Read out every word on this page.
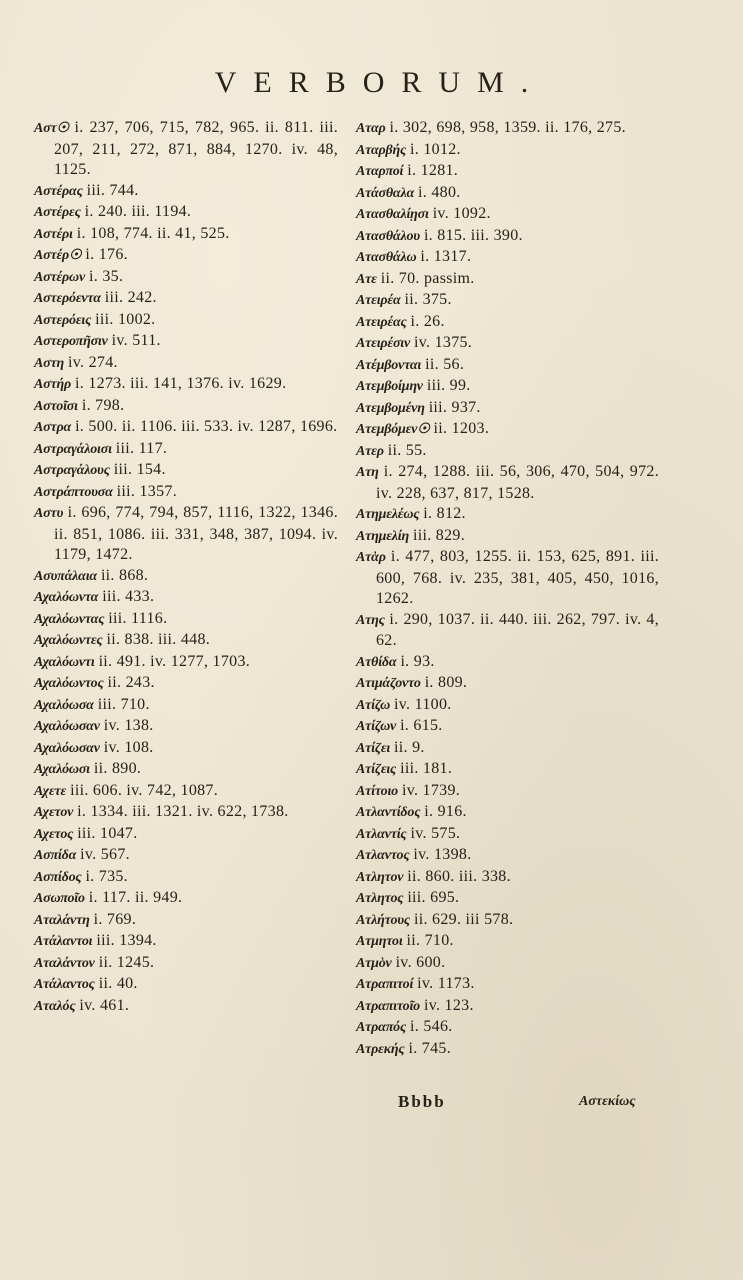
VERBORUM.
Αστ☉ i. 237, 706, 715, 782, 965. ii. 811. iii. 207, 211, 272, 871, 884, 1270. iv. 48, 1125.
Αστέρας iii. 744.
Αστέρες i. 240. iii. 1194.
Αστέρι i. 108, 774. ii. 41, 525.
Αστέρ☉ i. 176.
Αστέρων i. 35.
Αστερόεντα iii. 242.
Αστερόεις iii. 1002.
Αστεροπῆσιν iv. 511.
Αστη iv. 274.
Αστήρ i. 1273. iii. 141, 1376. iv. 1629.
Αστοῖσι i. 798.
Αστρα i. 500. ii. 1106. iii. 533. iv. 1287, 1696.
Αστραγάλοισι iii. 117.
Αστραγάλους iii. 154.
Αστράπτουσα iii. 1357.
Αστυ i. 696, 774, 794, 857, 1116, 1322, 1346. ii. 851, 1086. iii. 331, 348, 387, 1094. iv. 1179, 1472.
Ασυπάλαια ii. 868.
Αχαλόωντα iii. 433.
Αχαλόωντας iii. 1116.
Αχαλόωντες ii. 838. iii. 448.
Αχαλόωντι ii. 491. iv. 1277, 1703.
Αχαλόωντος ii. 243.
Αχαλόωσα iii. 710.
Αχαλόωσαν iv. 138.
Αχαλόωσαν iv. 108.
Αχαλόωσι ii. 890.
Αχετε iii. 606. iv. 742, 1087.
Αχετον i. 1334. iii. 1321. iv. 622, 1738.
Αχετος iii. 1047.
Ασπίδα iv. 567.
Ασπίδος i. 735.
Ασωποῖο i. 117. ii. 949.
Αταλάντη i. 769.
Ατάλαντοι iii. 1394.
Αταλάντον ii. 1245.
Ατάλαντος ii. 40.
Αταλός iv. 461.
Αταρ i. 302, 698, 958, 1359. ii. 176, 275.
Αταρβής i. 1012.
Αταρποί i. 1281.
Ατάσθαλα i. 480.
Ατασθαλίῃσι iv. 1092.
Ατασθάλου i. 815. iii. 390.
Ατασθάλω i. 1317.
Ατε ii. 70. passim.
Ατειρέα ii. 375.
Ατειρέας i. 26.
Ατειρέσιν iv. 1375.
Ατέμβονται ii. 56.
Ατεμβοίμην iii. 99.
Ατεμβομένη iii. 937.
Ατεμβόμεν☉ ii. 1203.
Ατερ ii. 55.
Ατη i. 274, 1288. iii. 56, 306, 470, 504, 972. iv. 228, 637, 817, 1528.
Ατημελέως i. 812.
Ατημελίη iii. 829.
Ατὰρ i. 477, 803, 1255. ii. 153, 625, 891. iii. 600, 768. iv. 235, 381, 405, 450, 1016, 1262.
Ατης i. 290, 1037. ii. 440. iii. 262, 797. iv. 4, 62.
Ατθίδα i. 93.
Ατιμάζοντο i. 809.
Ατίζω iv. 1100.
Ατίζων i. 615.
Ατίζει ii. 9.
Ατίζεις iii. 181.
Ατίτοιο iv. 1739.
Ατλαντίδος i. 916.
Ατλαντίς iv. 575.
Ατλαντος iv. 1398.
Ατλητον ii. 860. iii. 338.
Ατλητος iii. 695.
Ατλήτους ii. 629. iii 578.
Ατμητοι ii. 710.
Ατμὸν iv. 600.
Ατραπιτοί iv. 1173.
Ατραπιτοῖο iv. 123.
Ατραπός i. 546.
Ατρεκής i. 745.
Bbbb	Αστεκίως
